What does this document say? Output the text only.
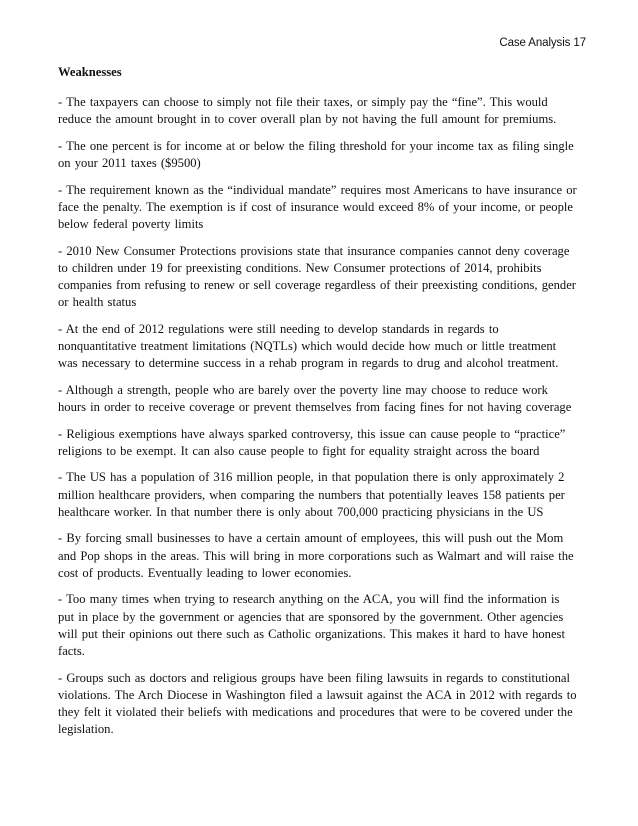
Case Analysis 17
Weaknesses

- The taxpayers can choose to simply not file their taxes, or simply pay the “fine”. This would reduce the amount brought in to cover overall plan by not having the full amount for premiums.

- The one percent is for income at or below the filing threshold for your income tax as filing single on your 2011 taxes ($9500)

- The requirement known as the “individual mandate” requires most Americans to have insurance or face the penalty. The exemption is if cost of insurance would exceed 8% of your income, or people below federal poverty limits

- 2010 New Consumer Protections provisions state that insurance companies cannot deny coverage to children under 19 for preexisting conditions. New Consumer protections of 2014, prohibits companies from refusing to renew or sell coverage regardless of their preexisting conditions, gender or health status

- At the end of 2012 regulations were still needing to develop standards in regards to nonquantitative treatment limitations (NQTLs) which would decide how much or little treatment was necessary to determine success in a rehab program in regards to drug and alcohol treatment.

- Although a strength, people who are barely over the poverty line may choose to reduce work hours in order to receive coverage or prevent themselves from facing fines for not having coverage

- Religious exemptions have always sparked controversy, this issue can cause people to “practice” religions to be exempt. It can also cause people to fight for equality straight across the board

- The US has a population of 316 million people, in that population there is only approximately 2 million healthcare providers, when comparing the numbers that potentially leaves 158 patients per healthcare worker. In that number there is only about 700,000 practicing physicians in the US

- By forcing small businesses to have a certain amount of employees, this will push out the Mom and Pop shops in the areas. This will bring in more corporations such as Walmart and will raise the cost of products. Eventually leading to lower economies.

- Too many times when trying to research anything on the ACA, you will find the information is put in place by the government or agencies that are sponsored by the government. Other agencies will put their opinions out there such as Catholic organizations. This makes it hard to have honest facts.

- Groups such as doctors and religious groups have been filing lawsuits in regards to constitutional violations. The Arch Diocese in Washington filed a lawsuit against the ACA in 2012 with regards to they felt it violated their beliefs with medications and procedures that were to be covered under the legislation.
